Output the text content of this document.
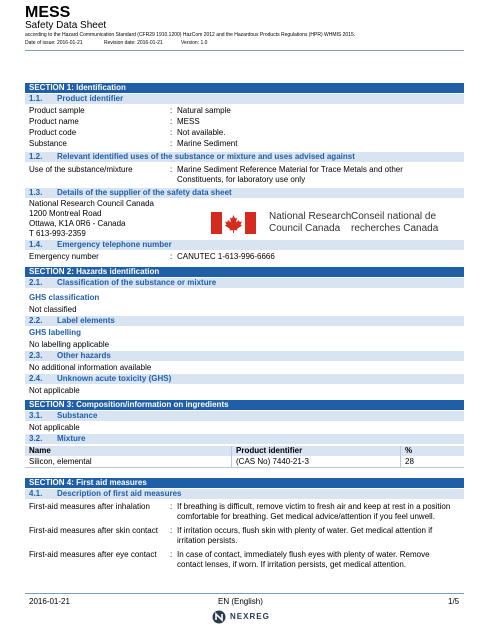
MESS
Safety Data Sheet
according to the Hazard Communication Standard (CFR29 1910.1200) HazCom 2012 and the Hazardous Products Regulations (HPR) WHMIS 2015.
Date of issue: 2016-01-21	Revision date: 2016-01-21	Version: 1.0
SECTION 1: Identification
1.1. Product identifier
Product sample	: Natural sample
Product name	: MESS
Product code	: Not available.
Substance	: Marine Sediment
1.2. Relevant identified uses of the substance or mixture and uses advised against
Use of the substance/mixture	: Marine Sediment Reference Material for Trace Metals and other
Constituents, for laboratory use only
1.3. Details of the supplier of the safety data sheet
National Research Council Canada
1200 Montreal Road
Ottawa, K1A 0R6 - Canada
T 613-993-2359
National Research
Council Canada
Conseil national de
recherches Canada
1.4. Emergency telephone number
Emergency number	: CANUTEC 1-613-996-6666
SECTION 2: Hazards identification
2.1. Classification of the substance or mixture
GHS classification
Not classified
2.2. Label elements
GHS labelling
No labelling applicable
2.3. Other hazards
No additional information available
2.4. Unknown acute toxicity (GHS)
Not applicable
SECTION 3: Composition/information on ingredients
3.1. Substance
Not applicable
3.2. Mixture
Name	Product identifier	%
Silicon, elemental	(CAS No) 7440-21-3	28
SECTION 4: First aid measures
4.1. Description of first aid measures
First-aid measures after inhalation	: If breathing is difficult, remove victim to fresh air and keep at rest in a position
comfortable for breathing. Get medical advice/attention if you feel unwell.
First-aid measures after skin contact : If irritation occurs, flush skin with plenty of water. Get medical attention if
irritation persists.
First-aid measures after eye contact : In case of contact, immediately flush eyes with plenty of water. Remove
contact lenses, if worn. If irritation persists, get medical attention.
2016-01-21	EN (English)	1/5
NEXREG
